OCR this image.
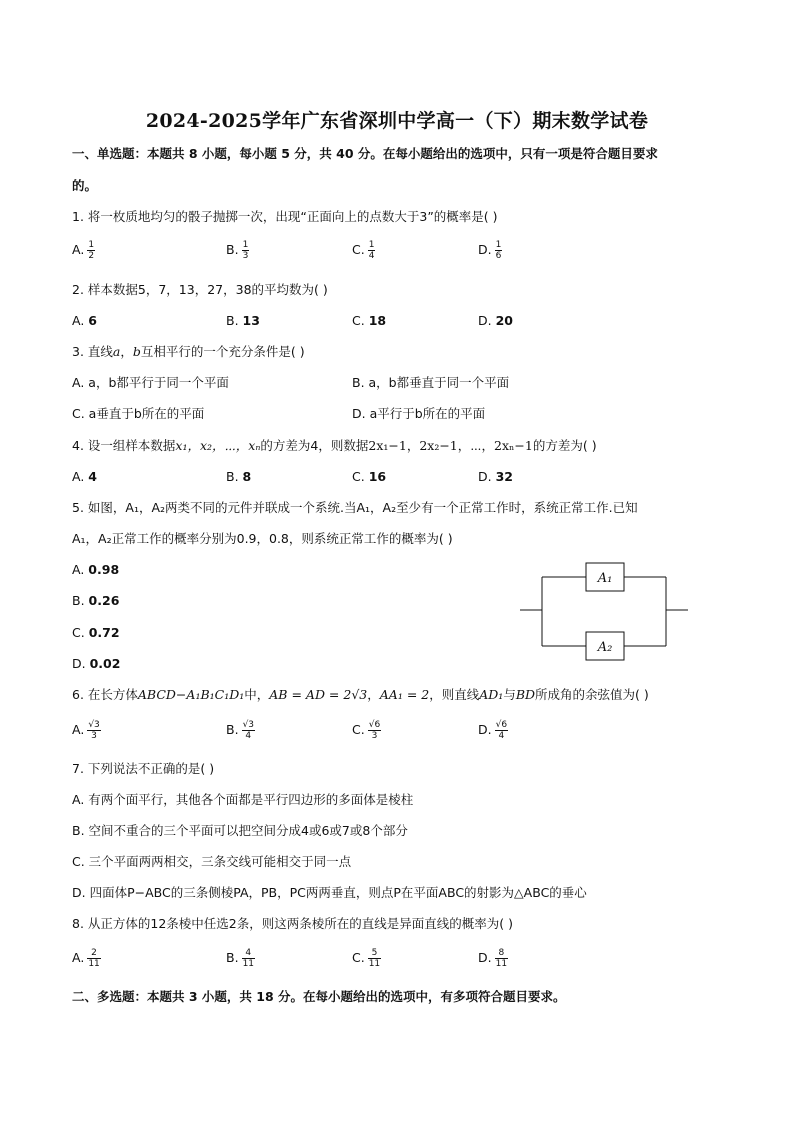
2024-2025学年广东省深圳中学高一（下）期末数学试卷
一、单选题：本题共 8 小题，每小题 5 分，共 40 分。在每小题给出的选项中，只有一项是符合题目要求
的。
1. 将一枚质地均匀的骰子抛掷一次，出现“正面向上的点数大于3”的概率是( )
A. $\frac{1}{2}$	B. $\frac{1}{3}$	C. $\frac{1}{4}$	D. $\frac{1}{6}$
2. 样本数据5，7，13，27，38的平均数为( )
A. 6	B. 13	C. 18	D. 20
3. 直线a，b互相平行的一个充分条件是( )
A. a，b都平行于同一个平面	B. a，b都垂直于同一个平面
C. a垂直于b所在的平面	D. a平行于b所在的平面
4. 设一组样本数据x₁，x₂，⋯，xₙ的方差为4，则数据2x₁−1，2x₂−1，⋯，2xₙ−1的方差为( )
A. 4	B. 8	C. 16	D. 32
5. 如图，A₁，A₂两类不同的元件并联成一个系统.当A₁，A₂至少有一个正常工作时，系统正常工作.已知
A₁，A₂正常工作的概率分别为0.9，0.8，则系统正常工作的概率为( )
A. 0.98
B. 0.26
C. 0.72
D. 0.02
A₁
A₂
6. 在长方体ABCD−A₁B₁C₁D₁中，AB = AD = 2√3，AA₁ = 2，则直线AD₁与BD所成角的余弦值为( )
A. $\frac{√3}{3}$	B. $\frac{√3}{4}$	C. $\frac{√6}{3}$	D. $\frac{√6}{4}$
7. 下列说法不正确的是( )
A. 有两个面平行，其他各个面都是平行四边形的多面体是棱柱
B. 空间不重合的三个平面可以把空间分成4或6或7或8个部分
C. 三个平面两两相交，三条交线可能相交于同一点
D. 四面体P−ABC的三条侧棱PA，PB，PC两两垂直，则点P在平面ABC的射影为△ABC的垂心
8. 从正方体的12条棱中任选2条，则这两条棱所在的直线是异面直线的概率为( )
A. $\frac{2}{11}$	B. $\frac{4}{11}$	C. $\frac{5}{11}$	D. $\frac{8}{11}$
二、多选题：本题共 3 小题，共 18 分。在每小题给出的选项中，有多项符合题目要求。
